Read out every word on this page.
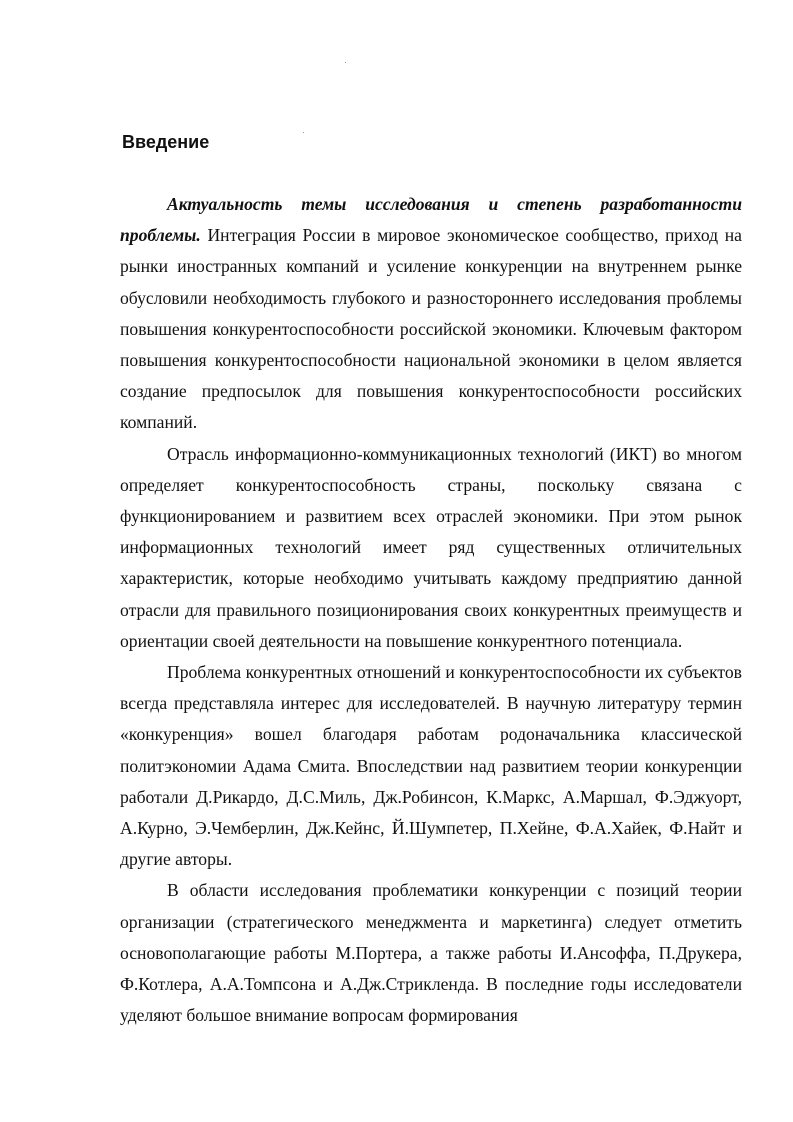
Введение

Актуальность темы исследования и степень разработанности проблемы. Интеграция России в мировое экономическое сообщество, приход на рынки иностранных компаний и усиление конкуренции на внутреннем рынке обусловили необходимость глубокого и разностороннего исследования проблемы повышения конкурентоспособности российской экономики. Ключевым фактором повышения конкурентоспособности национальной экономики в целом является создание предпосылок для повышения конкурентоспособности российских компаний.

Отрасль информационно-коммуникационных технологий (ИКТ) во многом определяет конкурентоспособность страны, поскольку связана с функционированием и развитием всех отраслей экономики. При этом рынок информационных технологий имеет ряд существенных отличительных характеристик, которые необходимо учитывать каждому предприятию данной отрасли для правильного позиционирования своих конкурентных преимуществ и ориентации своей деятельности на повышение конкурентного потенциала.

Проблема конкурентных отношений и конкурентоспособности их субъектов всегда представляла интерес для исследователей. В научную литературу термин «конкуренция» вошел благодаря работам родоначальника классической политэкономии Адама Смита. Впоследствии над развитием теории конкуренции работали Д.Рикардо, Д.С.Миль, Дж.Робинсон, К.Маркс, А.Маршал, Ф.Эджуорт, А.Курно, Э.Чемберлин, Дж.Кейнс, Й.Шумпетер, П.Хейне, Ф.А.Хайек, Ф.Найт и другие авторы.

В области исследования проблематики конкуренции с позиций теории организации (стратегического менеджмента и маркетинга) следует отметить основополагающие работы М.Портера, а также работы И.Ансоффа, П.Друкера, Ф.Котлера, А.А.Томпсона и А.Дж.Стрикленда. В последние годы исследователи уделяют большое внимание вопросам формирования
